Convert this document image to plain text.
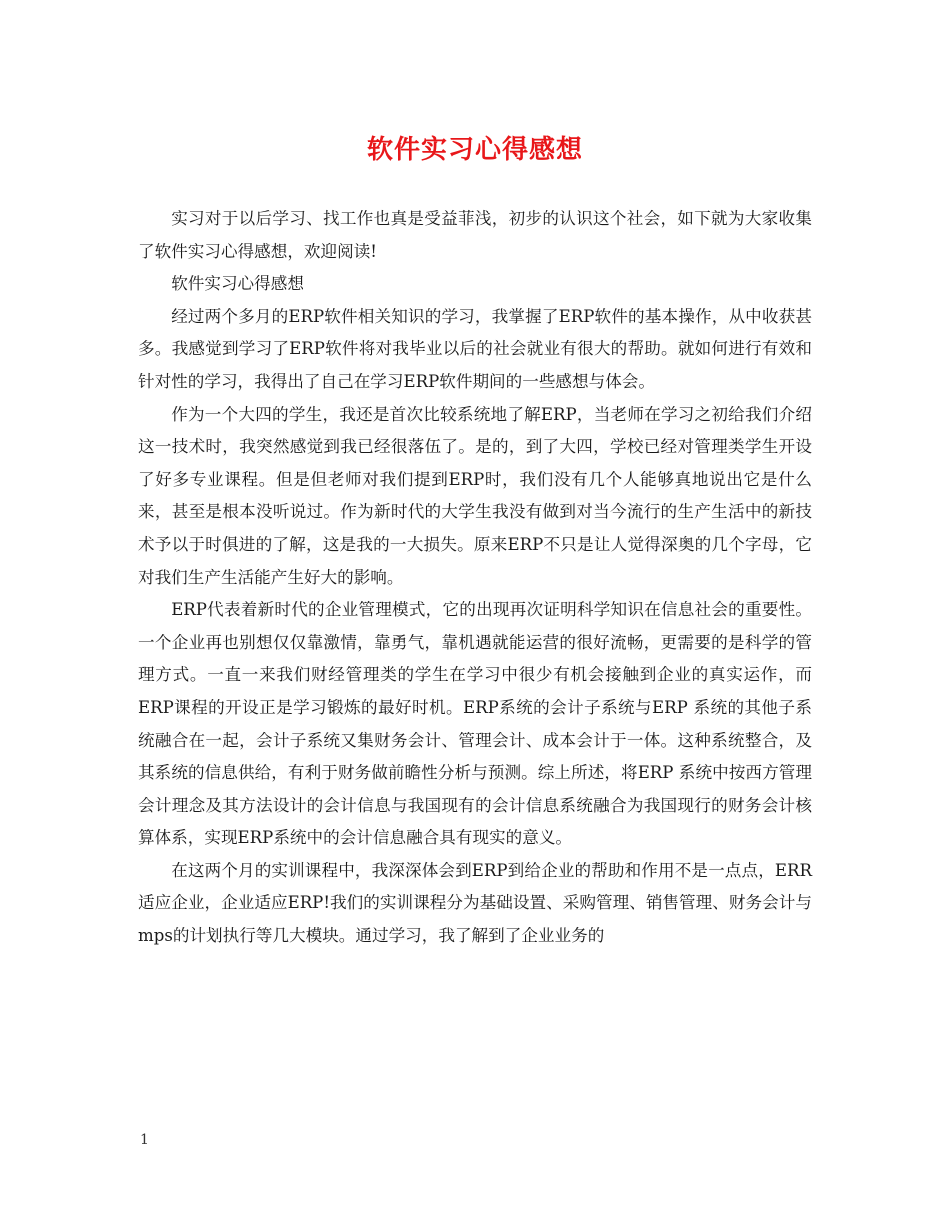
软件实习心得感想

实习对于以后学习、找工作也真是受益菲浅，初步的认识这个社会，如下就为大家收集了软件实习心得感想，欢迎阅读!

软件实习心得感想

经过两个多月的ERP软件相关知识的学习，我掌握了ERP软件的基本操作，从中收获甚多。我感觉到学习了ERP软件将对我毕业以后的社会就业有很大的帮助。就如何进行有效和针对性的学习，我得出了自己在学习ERP软件期间的一些感想与体会。

作为一个大四的学生，我还是首次比较系统地了解ERP，当老师在学习之初给我们介绍这一技术时，我突然感觉到我已经很落伍了。是的，到了大四，学校已经对管理类学生开设了好多专业课程。但是但老师对我们提到ERP时，我们没有几个人能够真地说出它是什么来，甚至是根本没听说过。作为新时代的大学生我没有做到对当今流行的生产生活中的新技术予以于时俱进的了解，这是我的一大损失。原来ERP不只是让人觉得深奥的几个字母，它对我们生产生活能产生好大的影响。

ERP代表着新时代的企业管理模式，它的出现再次证明科学知识在信息社会的重要性。一个企业再也别想仅仅靠激情，靠勇气，靠机遇就能运营的很好流畅，更需要的是科学的管理方式。一直一来我们财经管理类的学生在学习中很少有机会接触到企业的真实运作，而ERP课程的开设正是学习锻炼的最好时机。ERP系统的会计子系统与ERP 系统的其他子系统融合在一起，会计子系统又集财务会计、管理会计、成本会计于一体。这种系统整合，及其系统的信息供给，有利于财务做前瞻性分析与预测。综上所述，将ERP 系统中按西方管理会计理念及其方法设计的会计信息与我国现有的会计信息系统融合为我国现行的财务会计核算体系，实现ERP系统中的会计信息融合具有现实的意义。

在这两个月的实训课程中，我深深体会到ERP到给企业的帮助和作用不是一点点，ERR适应企业，企业适应ERP!我们的实训课程分为基础设置、采购管理、销售管理、财务会计与mps的计划执行等几大模块。通过学习，我了解到了企业业务的

1
